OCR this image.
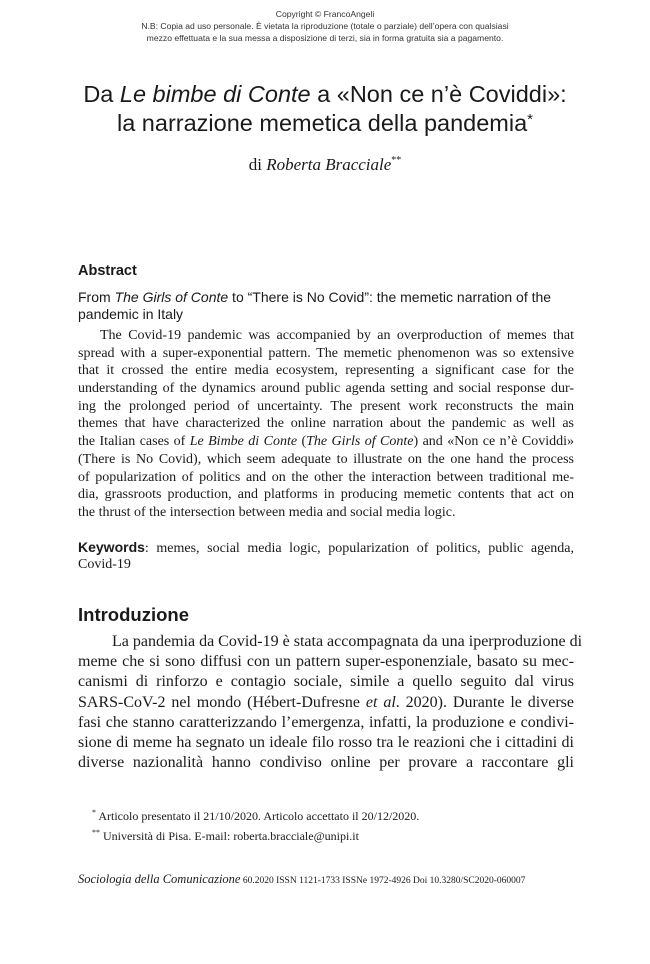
Copyright © FrancoAngeli
N.B: Copia ad uso personale. È vietata la riproduzione (totale o parziale) dell’opera con qualsiasi
mezzo effettuata e la sua messa a disposizione di terzi, sia in forma gratuita sia a pagamento.
Da Le bimbe di Conte a «Non ce n’è Coviddi»:
la narrazione memetica della pandemia*
di Roberta Bracciale**
Abstract
From The Girls of Conte to “There is No Covid”: the memetic narration of the pandemic in Italy
The Covid-19 pandemic was accompanied by an overproduction of memes that
spread with a super-exponential pattern. The memetic phenomenon was so extensive
that it crossed the entire media ecosystem, representing a significant case for the
understanding of the dynamics around public agenda setting and social response dur-
ing the prolonged period of uncertainty. The present work reconstructs the main
themes that have characterized the online narration about the pandemic as well as
the Italian cases of Le Bimbe di Conte (The Girls of Conte) and «Non ce n’è Coviddi»
(There is No Covid), which seem adequate to illustrate on the one hand the process
of popularization of politics and on the other the interaction between traditional me-
dia, grassroots production, and platforms in producing memetic contents that act on
the thrust of the intersection between media and social media logic.
Keywords: memes, social media logic, popularization of politics, public agenda,
Covid-19
Introduzione
La pandemia da Covid-19 è stata accompagnata da una iperproduzione di
meme che si sono diffusi con un pattern super-esponenziale, basato su mec-
canismi di rinforzo e contagio sociale, simile a quello seguito dal virus
SARS-CoV-2 nel mondo (Hébert-Dufresne et al. 2020). Durante le diverse
fasi che stanno caratterizzando l’emergenza, infatti, la produzione e condivi-
sione di meme ha segnato un ideale filo rosso tra le reazioni che i cittadini di
diverse nazionalità hanno condiviso online per provare a raccontare gli
* Articolo presentato il 21/10/2020. Articolo accettato il 20/12/2020.
** Università di Pisa. E-mail: roberta.bracciale@unipi.it
Sociologia della Comunicazione 60.2020 ISSN 1121-1733 ISSNe 1972-4926 Doi 10.3280/SC2020-060007
